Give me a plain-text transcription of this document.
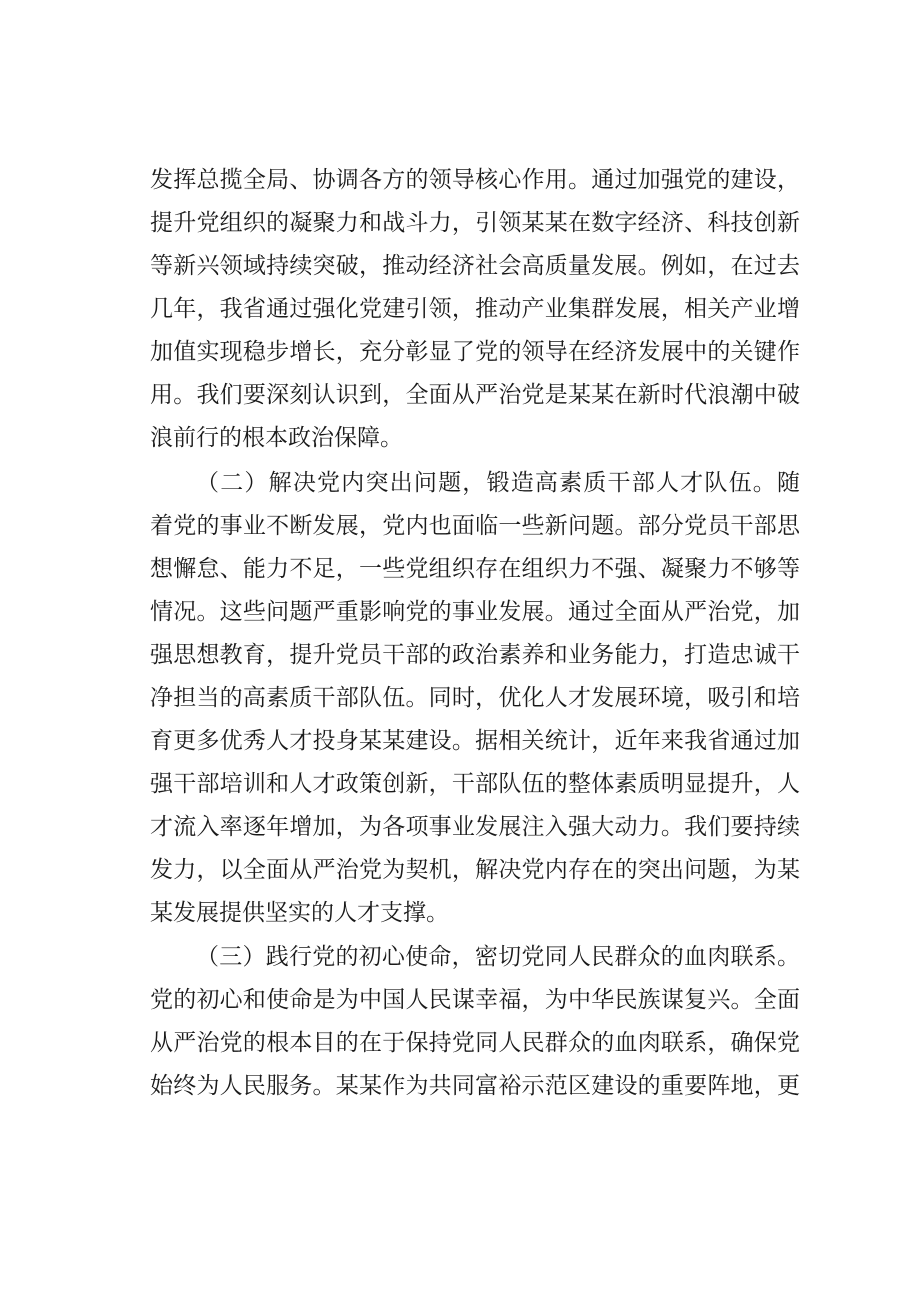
发挥总揽全局、协调各方的领导核心作用。通过加强党的建设，
提升党组织的凝聚力和战斗力，引领某某在数字经济、科技创新
等新兴领域持续突破，推动经济社会高质量发展。例如，在过去
几年，我省通过强化党建引领，推动产业集群发展，相关产业增
加值实现稳步增长，充分彰显了党的领导在经济发展中的关键作
用。我们要深刻认识到，全面从严治党是某某在新时代浪潮中破
浪前行的根本政治保障。
（二）解决党内突出问题，锻造高素质干部人才队伍。随
着党的事业不断发展，党内也面临一些新问题。部分党员干部思
想懈怠、能力不足，一些党组织存在组织力不强、凝聚力不够等
情况。这些问题严重影响党的事业发展。通过全面从严治党，加
强思想教育，提升党员干部的政治素养和业务能力，打造忠诚干
净担当的高素质干部队伍。同时，优化人才发展环境，吸引和培
育更多优秀人才投身某某建设。据相关统计，近年来我省通过加
强干部培训和人才政策创新，干部队伍的整体素质明显提升，人
才流入率逐年增加，为各项事业发展注入强大动力。我们要持续
发力，以全面从严治党为契机，解决党内存在的突出问题，为某
某发展提供坚实的人才支撑。
（三）践行党的初心使命，密切党同人民群众的血肉联系。
党的初心和使命是为中国人民谋幸福，为中华民族谋复兴。全面
从严治党的根本目的在于保持党同人民群众的血肉联系，确保党
始终为人民服务。某某作为共同富裕示范区建设的重要阵地，更
